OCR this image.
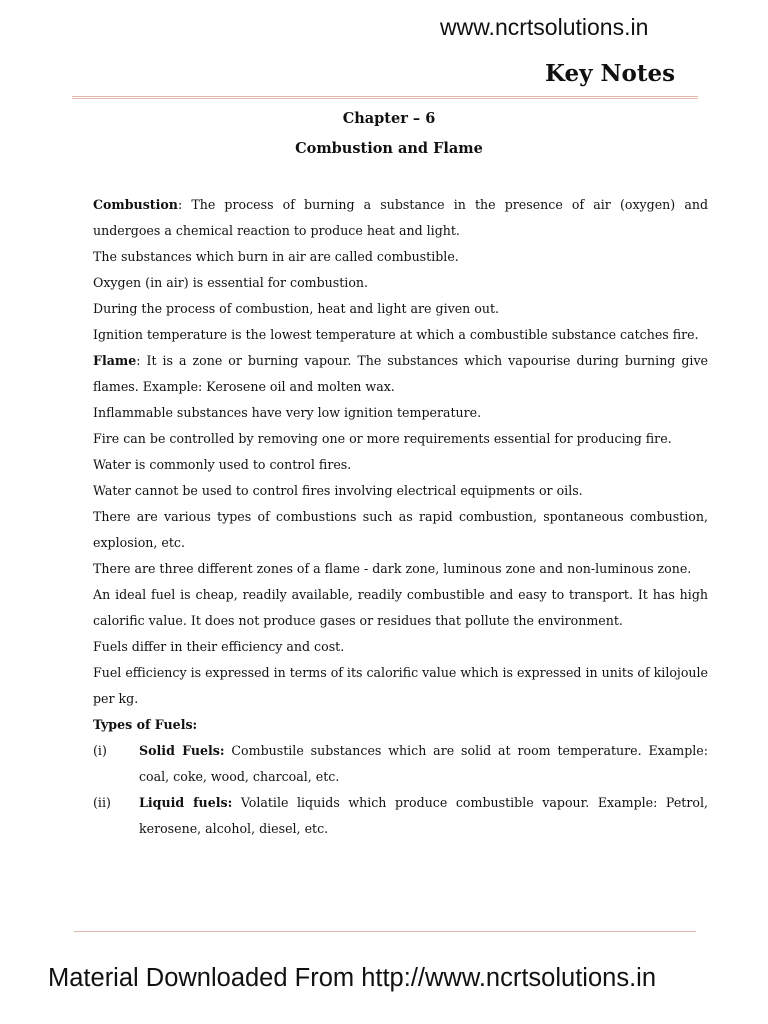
www.ncrtsolutions.in
Key Notes
Chapter – 6
Combustion and Flame

Combustion: The process of burning a substance in the presence of air (oxygen) and undergoes a chemical reaction to produce heat and light.

The substances which burn in air are called combustible.

Oxygen (in air) is essential for combustion.

During the process of combustion, heat and light are given out.

Ignition temperature is the lowest temperature at which a combustible substance catches fire.

Flame: It is a zone or burning vapour. The substances which vapourise during burning give flames. Example: Kerosene oil and molten wax.

Inflammable substances have very low ignition temperature.

Fire can be controlled by removing one or more requirements essential for producing fire.

Water is commonly used to control fires.

Water cannot be used to control fires involving electrical equipments or oils.

There are various types of combustions such as rapid combustion, spontaneous combustion, explosion, etc.

There are three different zones of a flame - dark zone, luminous zone and non-luminous zone.

An ideal fuel is cheap, readily available, readily combustible and easy to transport. It has high calorific value. It does not produce gases or residues that pollute the environment.

Fuels differ in their efficiency and cost.

Fuel efficiency is expressed in terms of its calorific value which is expressed in units of kilojoule per kg.

Types of Fuels:

(i)	Solid Fuels: Combustile substances which are solid at room temperature. Example: coal, coke, wood, charcoal, etc.
(ii)	Liquid fuels: Volatile liquids which produce combustible vapour. Example: Petrol, kerosene, alcohol, diesel, etc.
Material Downloaded From http://www.ncrtsolutions.in
